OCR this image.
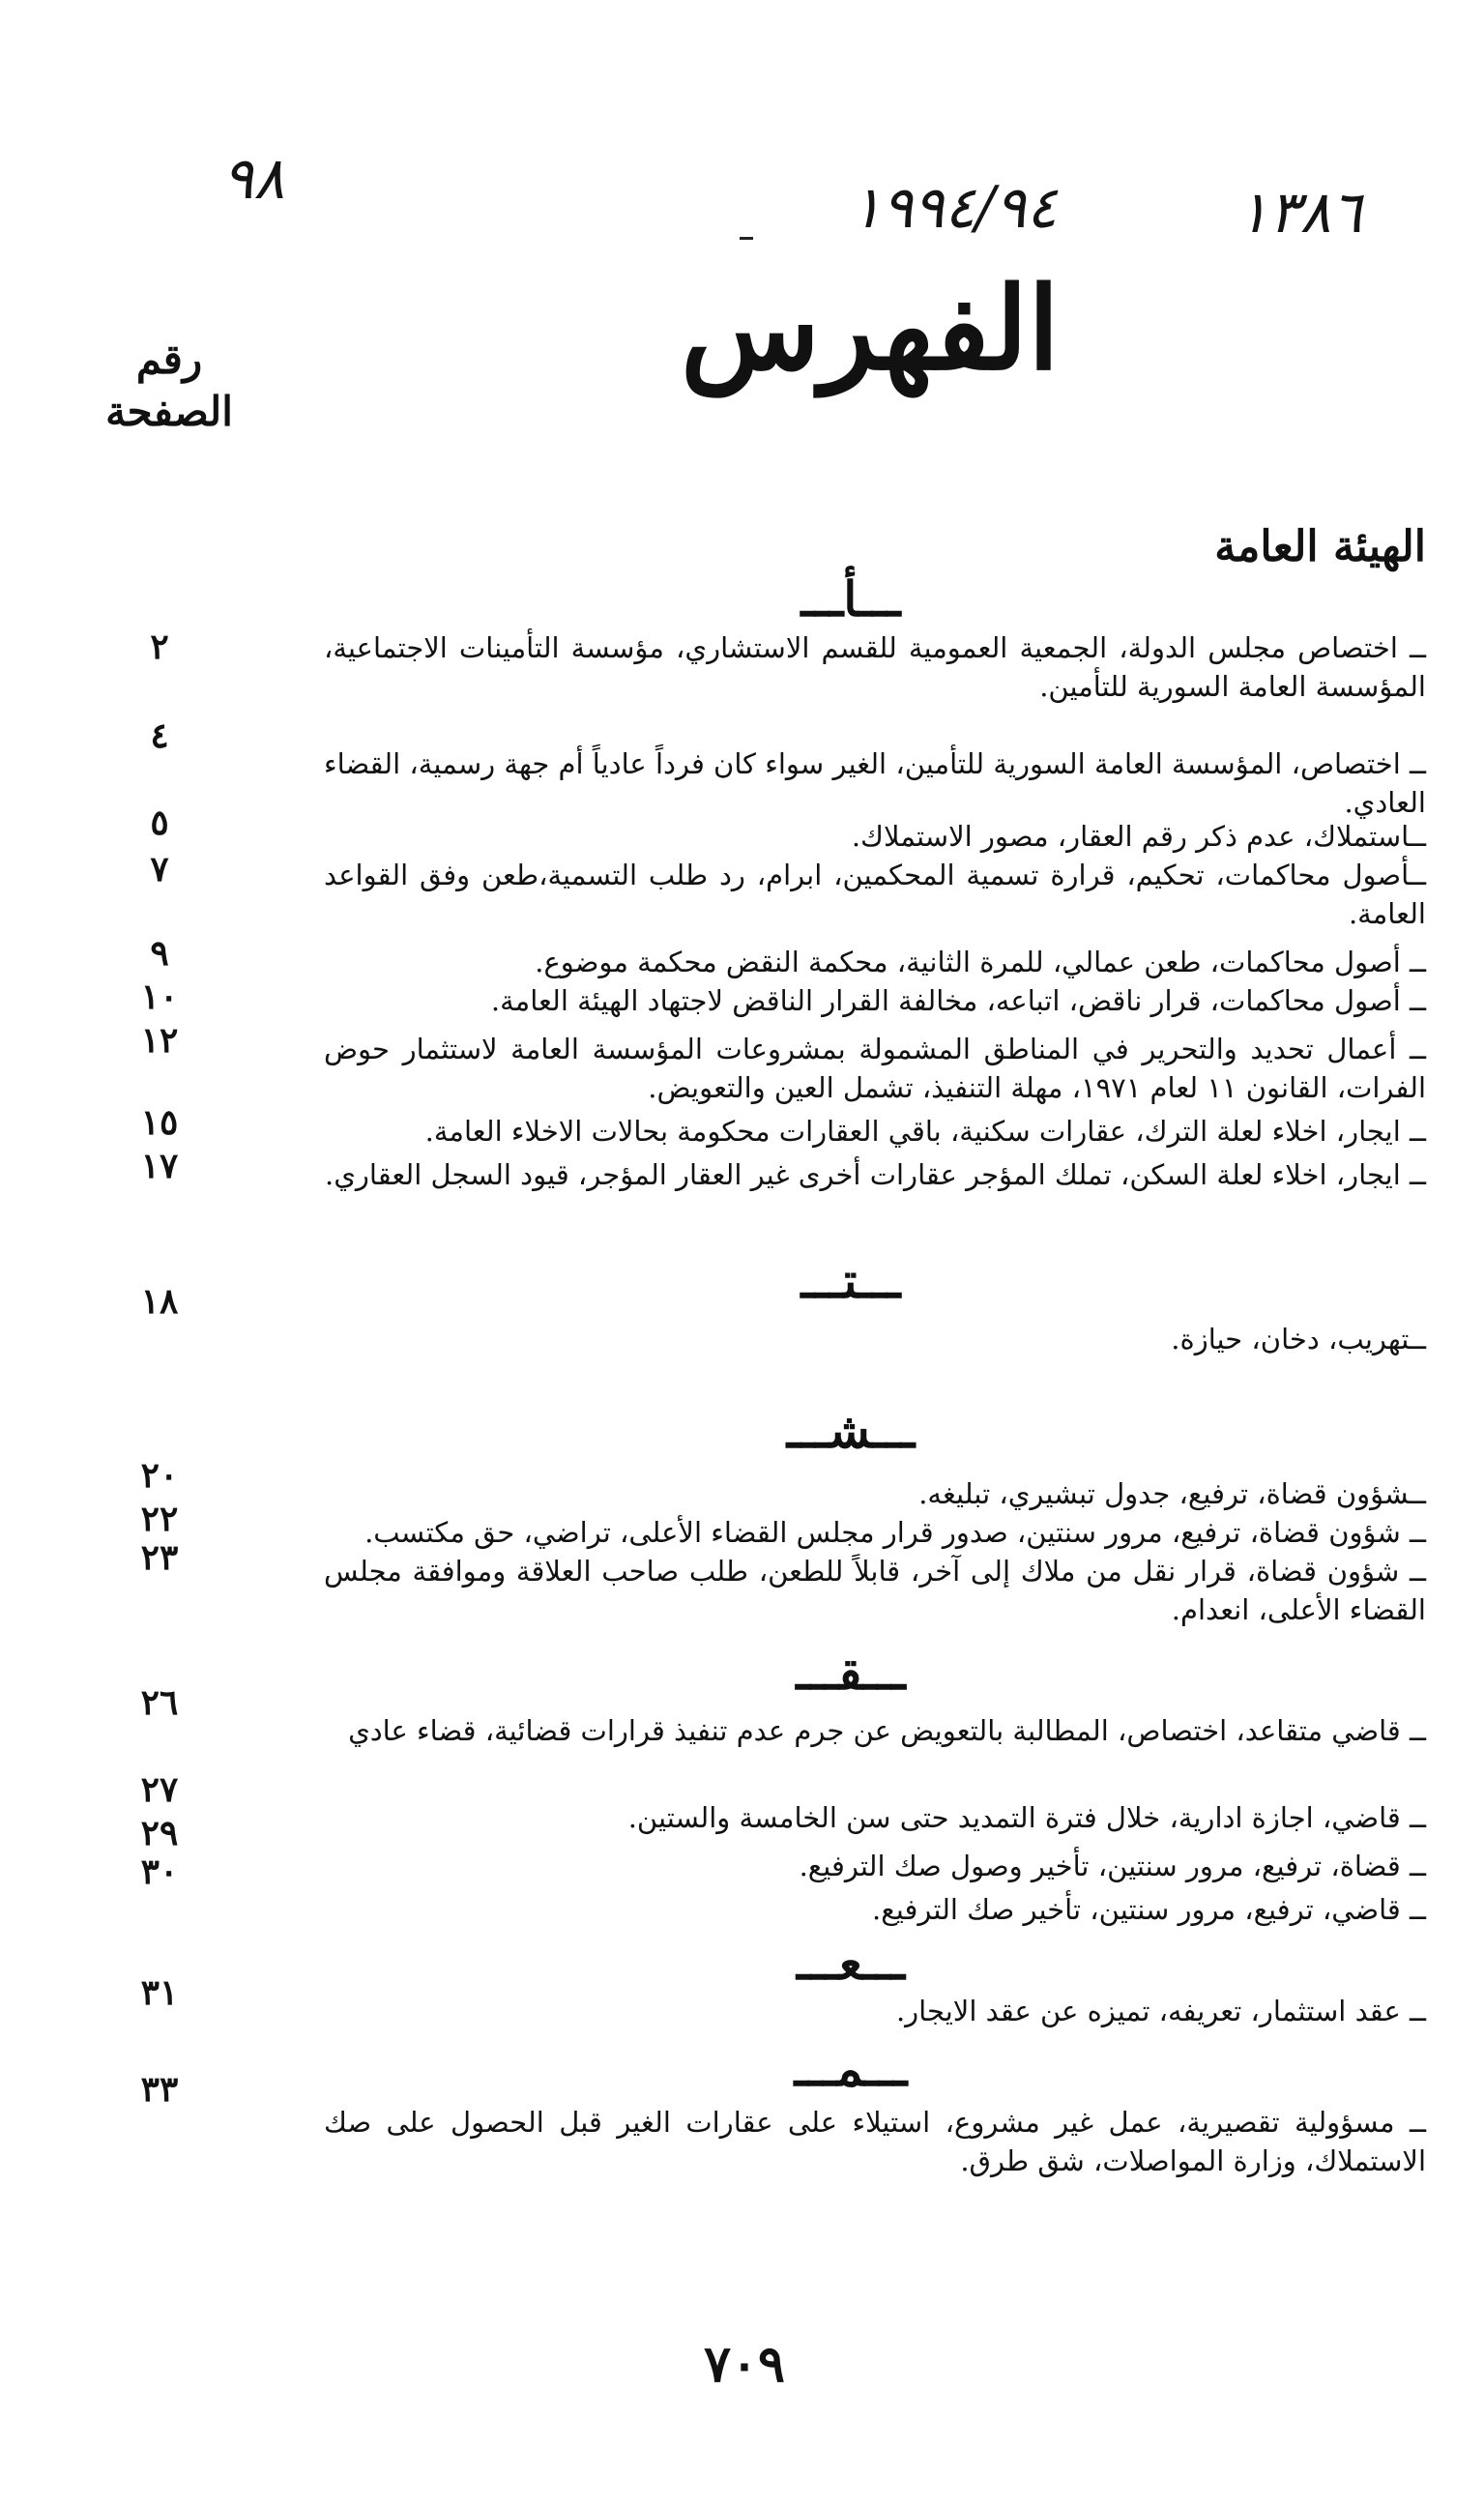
٩٨	١٩٩٤/٩٤	١٣٨٦
الفهرس
رقم
الصفحة
الهيئة العامة
ـــأـــ
ــ اختصاص مجلس الدولة، الجمعية العمومية للقسم الاستشاري، مؤسسة التأمينات الاجتماعية، المؤسسة العامة السورية للتأمين.
٢
ــ اختصاص، المؤسسة العامة السورية للتأمين، الغير سواء كان فرداً عادياً أم جهة رسمية، القضاء العادي.
٤
ــاستملاك، عدم ذكر رقم العقار، مصور الاستملاك.
٥
ــأصول محاكمات، تحكيم، قرارة تسمية المحكمين، ابرام، رد طلب التسمية،طعن وفق القواعد العامة.
٧
ــ أصول محاكمات، طعن عمالي، للمرة الثانية، محكمة النقض محكمة موضوع.
٩
ــ أصول محاكمات، قرار ناقض، اتباعه، مخالفة القرار الناقض لاجتهاد الهيئة العامة.
١٠
ــ أعمال تحديد والتحرير في المناطق المشمولة بمشروعات المؤسسة العامة لاستثمار حوض الفرات، القانون ١١ لعام ١٩٧١، مهلة التنفيذ، تشمل العين والتعويض.
١٢
ــ ايجار، اخلاء لعلة الترك، عقارات سكنية، باقي العقارات محكومة بحالات الاخلاء العامة.
١٥
ــ ايجار، اخلاء لعلة السكن، تملك المؤجر عقارات أخرى غير العقار المؤجر، قيود السجل العقاري.
١٧
ـــتـــ
١٨
ــتهريب، دخان، حيازة.
ـــشـــ
ــشؤون قضاة، ترفيع، جدول تبشيري، تبليغه.
٢٠
ــ شؤون قضاة، ترفيع، مرور سنتين، صدور قرار مجلس القضاء الأعلى، تراضي، حق مكتسب.
٢٢
ــ شؤون قضاة، قرار نقل من ملاك إلى آخر، قابلاً للطعن، طلب صاحب العلاقة وموافقة مجلس القضاء الأعلى، انعدام.
٢٣
ـــقـــ
ــ قاضي متقاعد، اختصاص، المطالبة بالتعويض عن جرم عدم تنفيذ قرارات قضائية، قضاء عادي
٢٦
ــ قاضي، اجازة ادارية، خلال فترة التمديد حتى سن الخامسة والستين.
٢٧
ــ قضاة، ترفيع، مرور سنتين، تأخير وصول صك الترفيع.
٢٩
ــ قاضي، ترفيع، مرور سنتين، تأخير صك الترفيع.
٣٠
ـــعـــ
ــ عقد استثمار، تعريفه، تميزه عن عقد الايجار.
٣١
ـــمـــ
ــ مسؤولية تقصيرية، عمل غير مشروع، استيلاء على عقارات الغير قبل الحصول على صك الاستملاك، وزارة المواصلات، شق طرق.
٣٣
٧٠٩
